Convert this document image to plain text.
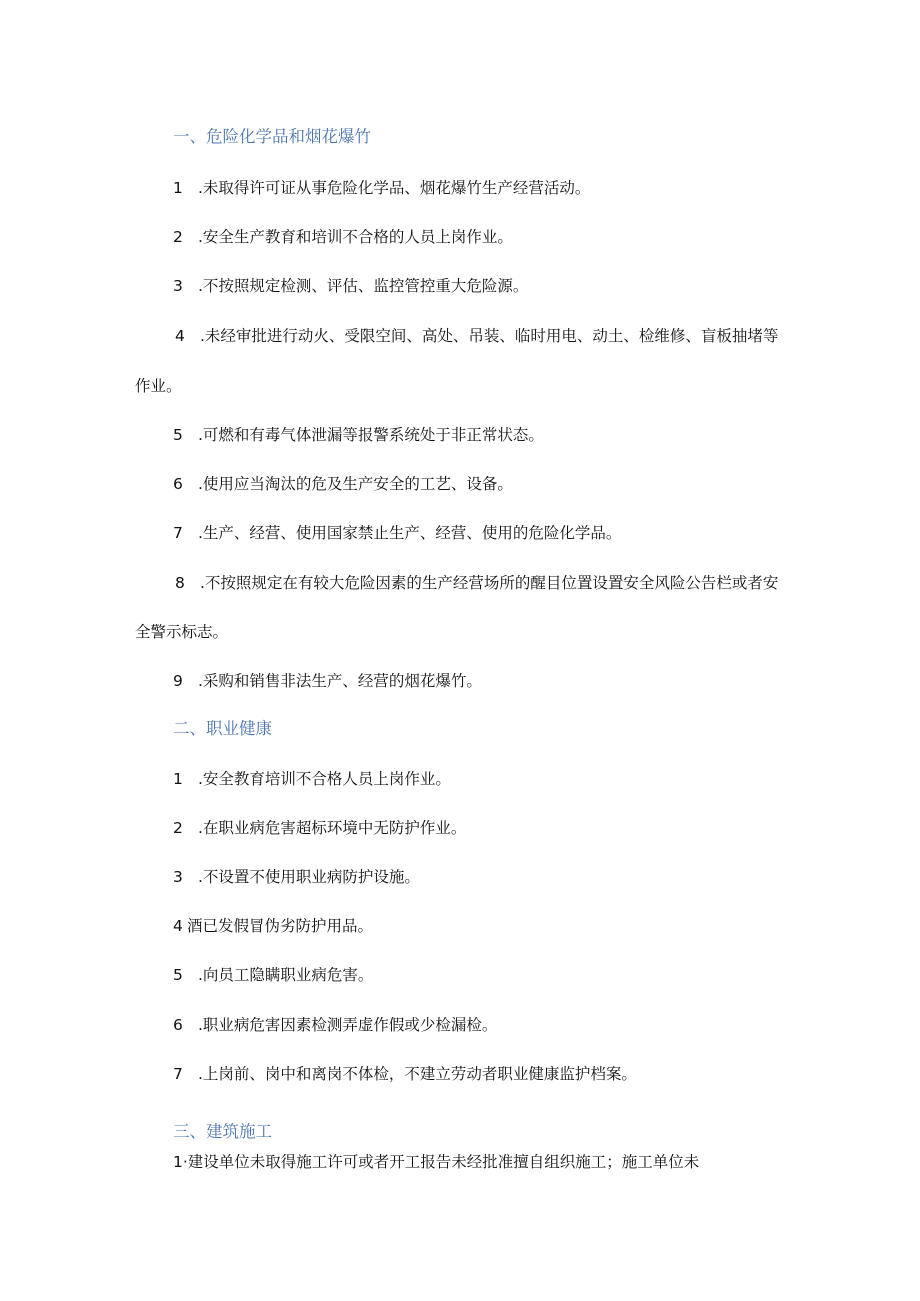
一、危险化学品和烟花爆竹
1 .未取得许可证从事危险化学品、烟花爆竹生产经营活动。
2 .安全生产教育和培训不合格的人员上岗作业。
3 .不按照规定检测、评估、监控管控重大危险源。
4 .未经审批进行动火、受限空间、高处、吊装、临时用电、动土、检维修、盲板抽堵等
作业。
5 .可燃和有毒气体泄漏等报警系统处于非正常状态。
6 .使用应当淘汰的危及生产安全的工艺、设备。
7 .生产、经营、使用国家禁止生产、经营、使用的危险化学品。
8 .不按照规定在有较大危险因素的生产经营场所的醒目位置设置安全风险公告栏或者安
全警示标志。
9 .采购和销售非法生产、经营的烟花爆竹。
二、职业健康
1 .安全教育培训不合格人员上岗作业。
2 .在职业病危害超标环境中无防护作业。
3 .不设置不使用职业病防护设施。
4 酒已发假冒伪劣防护用品。
5 .向员工隐瞒职业病危害。
6 .职业病危害因素检测弄虚作假或少检漏检。
7 .上岗前、岗中和离岗不体检，不建立劳动者职业健康监护档案。
三、建筑施工
1·建设单位未取得施工许可或者开工报告未经批准擅自组织施工；施工单位未
